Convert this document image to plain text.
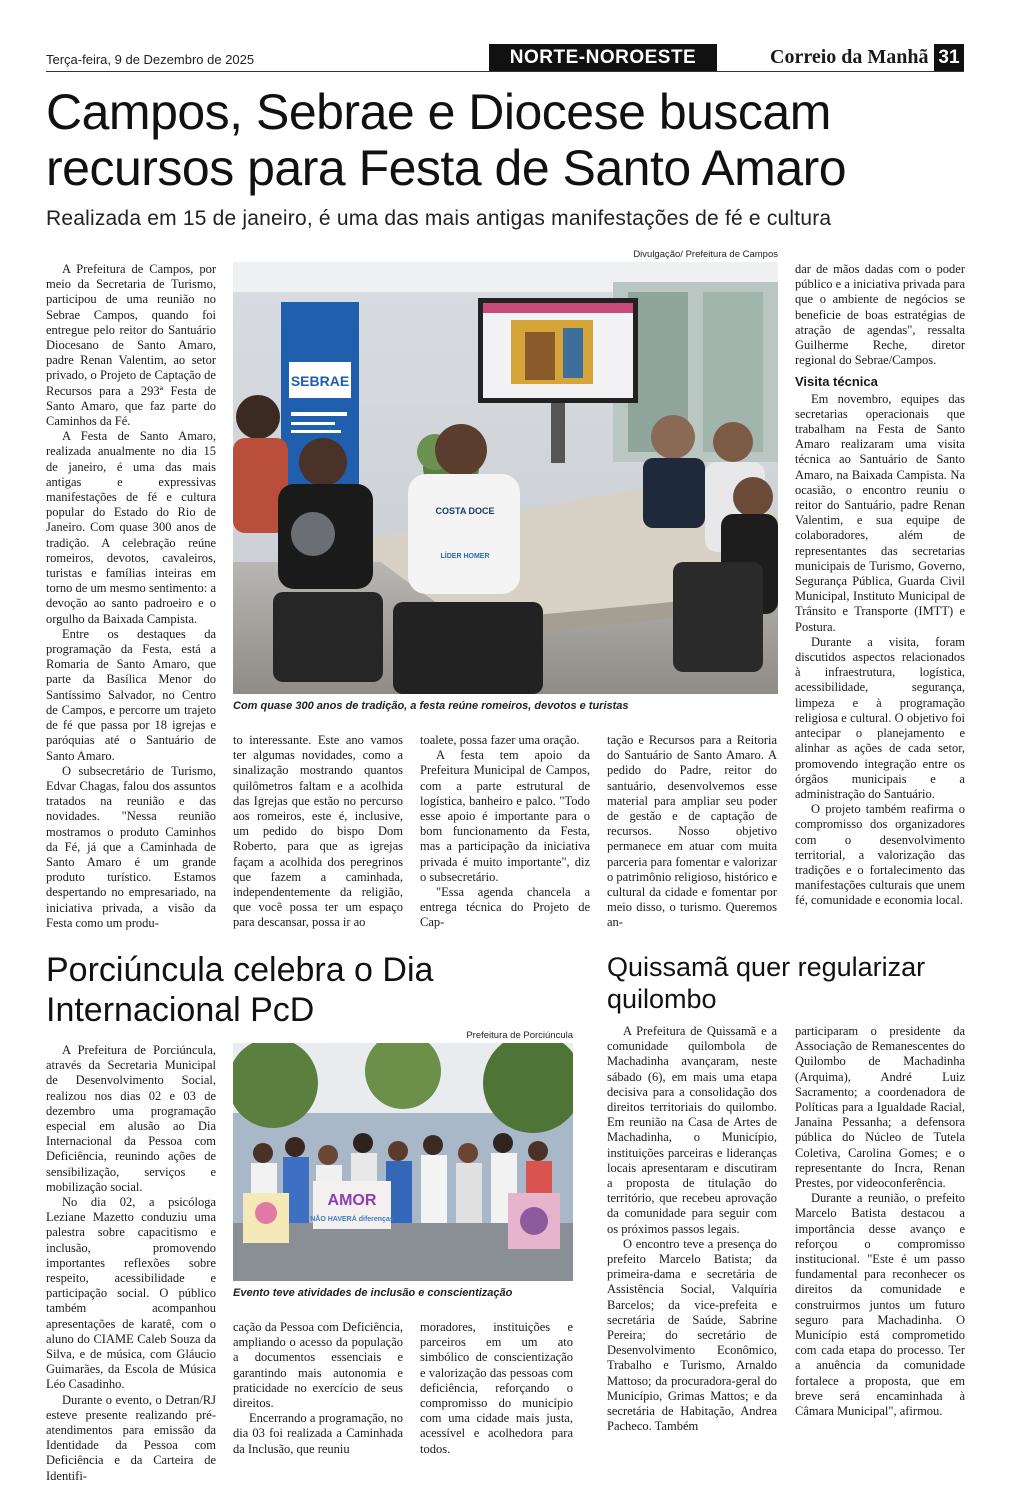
Terça-feira, 9 de Dezembro de 2025	NORTE-NOROESTE	Correio da Manhã 31
Campos, Sebrae e Diocese buscam recursos para Festa de Santo Amaro
Realizada em 15 de janeiro, é uma das mais antigas manifestações de fé e cultura

A Prefeitura de Campos, por meio da Secretaria de Turismo, participou de uma reunião no Sebrae Campos, quando foi entregue pelo reitor do Santuário Diocesano de Santo Amaro, padre Renan Valentim, ao setor privado, o Projeto de Captação de Recursos para a 293ª Festa de Santo Amaro, que faz parte do Caminhos da Fé.

A Festa de Santo Amaro, realizada anualmente no dia 15 de janeiro, é uma das mais antigas e expressivas manifestações de fé e cultura popular do Estado do Rio de Janeiro. Com quase 300 anos de tradição. A celebração reúne romeiros, devotos, cavaleiros, turistas e famílias inteiras em torno de um mesmo sentimento: a devoção ao santo padroeiro e o orgulho da Baixada Campista.

Entre os destaques da programação da Festa, está a Romaria de Santo Amaro, que parte da Basílica Menor do Santíssimo Salvador, no Centro de Campos, e percorre um trajeto de fé que passa por 18 igrejas e paróquias até o Santuário de Santo Amaro.

O subsecretário de Turismo, Edvar Chagas, falou dos assuntos tratados na reunião e das novidades. "Nessa reunião mostramos o produto Caminhos da Fé, já que a Caminhada de Santo Amaro é um grande produto turístico. Estamos despertando no empresariado, na iniciativa privada, a visão da Festa como um produ-

Divulgação/ Prefeitura de Campos
SEBRAE
COSTA DOCE
LÍDER HOMER
Com quase 300 anos de tradição, a festa reúne romeiros, devotos e turistas

to interessante. Este ano vamos ter algumas novidades, como a sinalização mostrando quantos quilômetros faltam e a acolhida das Igrejas que estão no percurso aos romeiros, este é, inclusive, um pedido do bispo Dom Roberto, para que as igrejas façam a acolhida dos peregrinos que fazem a caminhada, independentemente da religião, que você possa ter um espaço para descansar, possa ir ao

toalete, possa fazer uma oração.

A festa tem apoio da Prefeitura Municipal de Campos, com a parte estrutural de logística, banheiro e palco. "Todo esse apoio é importante para o bom funcionamento da Festa, mas a participação da iniciativa privada é muito importante", diz o subsecretário.

"Essa agenda chancela a entrega técnica do Projeto de Cap-

tação e Recursos para a Reitoria do Santuário de Santo Amaro. A pedido do Padre, reitor do santuário, desenvolvemos esse material para ampliar seu poder de gestão e de captação de recursos. Nosso objetivo permanece em atuar com muita parceria para fomentar e valorizar o patrimônio religioso, histórico e cultural da cidade e fomentar por meio disso, o turismo. Queremos an-

dar de mãos dadas com o poder público e a iniciativa privada para que o ambiente de negócios se beneficie de boas estratégias de atração de agendas", ressalta Guilherme Reche, diretor regional do Sebrae/Campos.

Visita técnica

Em novembro, equipes das secretarias operacionais que trabalham na Festa de Santo Amaro realizaram uma visita técnica ao Santuário de Santo Amaro, na Baixada Campista. Na ocasião, o encontro reuniu o reitor do Santuário, padre Renan Valentim, e sua equipe de colaboradores, além de representantes das secretarias municipais de Turismo, Governo, Segurança Pública, Guarda Civil Municipal, Instituto Municipal de Trânsito e Transporte (IMTT) e Postura.

Durante a visita, foram discutidos aspectos relacionados à infraestrutura, logística, acessibilidade, segurança, limpeza e à programação religiosa e cultural. O objetivo foi antecipar o planejamento e alinhar as ações de cada setor, promovendo integração entre os órgãos municipais e a administração do Santuário.

O projeto também reafirma o compromisso dos organizadores com o desenvolvimento territorial, a valorização das tradições e o fortalecimento das manifestações culturais que unem fé, comunidade e economia local.

Porciúncula celebra o Dia Internacional PcD

A Prefeitura de Porciúncula, através da Secretaria Municipal de Desenvolvimento Social, realizou nos dias 02 e 03 de dezembro uma programação especial em alusão ao Dia Internacional da Pessoa com Deficiência, reunindo ações de sensibilização, serviços e mobilização social.

No dia 02, a psicóloga Leziane Mazetto conduziu uma palestra sobre capacitismo e inclusão, promovendo importantes reflexões sobre respeito, acessibilidade e participação social. O público também acompanhou apresentações de karatê, com o aluno do CIAME Caleb Souza da Silva, e de música, com Gláucio Guimarães, da Escola de Música Léo Casadinho.

Durante o evento, o Detran/RJ esteve presente realizando pré-atendimentos para emissão da Identidade da Pessoa com Deficiência e da Carteira de Identifi-

Prefeitura de Porciúncula
AMOR
NÃO HAVERÁ diferenças
Evento teve atividades de inclusão e conscientização

cação da Pessoa com Deficiência, ampliando o acesso da população a documentos essenciais e garantindo mais autonomia e praticidade no exercício de seus direitos.

Encerrando a programação, no dia 03 foi realizada a Caminhada da Inclusão, que reuniu

moradores, instituições e parceiros em um ato simbólico de conscientização e valorização das pessoas com deficiência, reforçando o compromisso do município com uma cidade mais justa, acessível e acolhedora para todos.

Quissamã quer regularizar quilombo

A Prefeitura de Quissamã e a comunidade quilombola de Machadinha avançaram, neste sábado (6), em mais uma etapa decisiva para a consolidação dos direitos territoriais do quilombo. Em reunião na Casa de Artes de Machadinha, o Município, instituições parceiras e lideranças locais apresentaram e discutiram a proposta de titulação do território, que recebeu aprovação da comunidade para seguir com os próximos passos legais.

O encontro teve a presença do prefeito Marcelo Batista; da primeira-dama e secretária de Assistência Social, Valquíria Barcelos; da vice-prefeita e secretária de Saúde, Sabrine Pereira; do secretário de Desenvolvimento Econômico, Trabalho e Turismo, Arnaldo Mattoso; da procuradora-geral do Município, Grimas Mattos; e da secretária de Habitação, Andrea Pacheco. Também

participaram o presidente da Associação de Remanescentes do Quilombo de Machadinha (Arquima), André Luiz Sacramento; a coordenadora de Políticas para a Igualdade Racial, Janaina Pessanha; a defensora pública do Núcleo de Tutela Coletiva, Carolina Gomes; e o representante do Incra, Renan Prestes, por videoconferência.

Durante a reunião, o prefeito Marcelo Batista destacou a importância desse avanço e reforçou o compromisso institucional. "Este é um passo fundamental para reconhecer os direitos da comunidade e construirmos juntos um futuro seguro para Machadinha. O Município está comprometido com cada etapa do processo. Ter a anuência da comunidade fortalece a proposta, que em breve será encaminhada à Câmara Municipal", afirmou.
